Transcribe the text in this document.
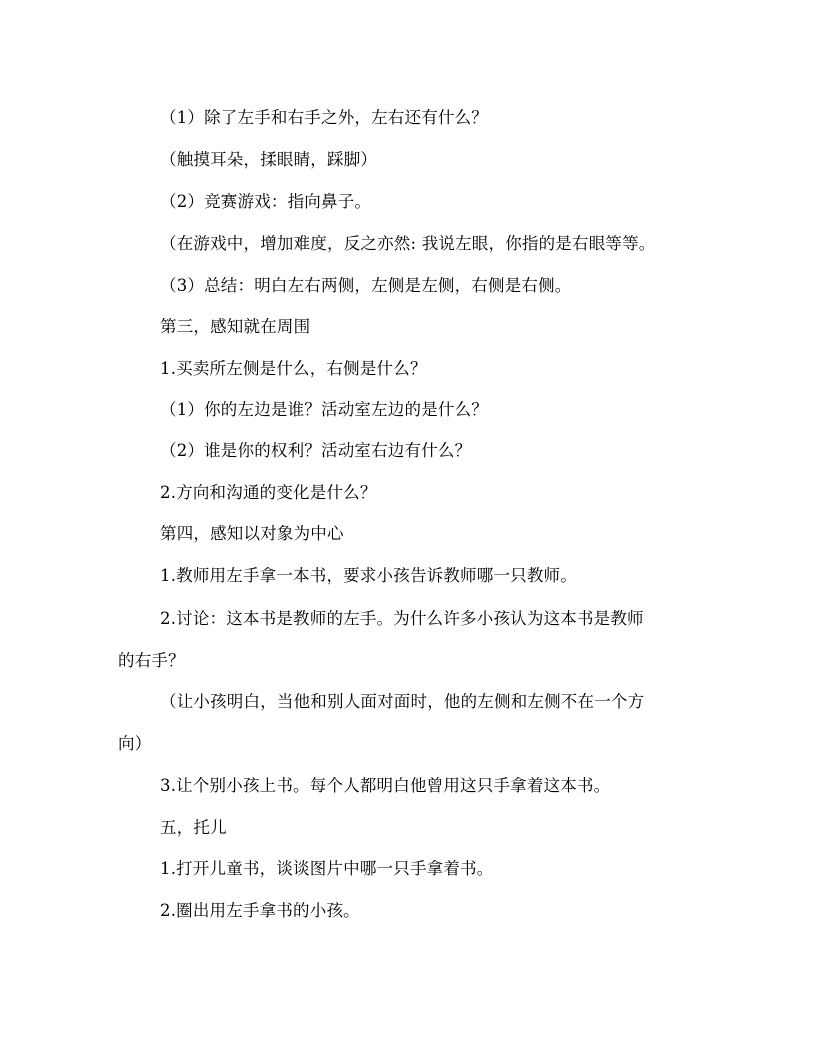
（1）除了左手和右手之外，左右还有什么？
（触摸耳朵，揉眼睛，踩脚）
（2）竞赛游戏：指向鼻子。
（在游戏中，增加难度，反之亦然: 我说左眼，你指的是右眼等等。
（3）总结：明白左右两侧，左侧是左侧，右侧是右侧。
第三，感知就在周围
1.买卖所左侧是什么，右侧是什么？
（1）你的左边是谁？活动室左边的是什么？
（2）谁是你的权利？活动室右边有什么？
2.方向和沟通的变化是什么？
第四，感知以对象为中心
1.教师用左手拿一本书，要求小孩告诉教师哪一只教师。
2.讨论：这本书是教师的左手。为什么许多小孩认为这本书是教师
的右手？
（让小孩明白，当他和别人面对面时，他的左侧和左侧不在一个方
向）
3.让个别小孩上书。每个人都明白他曾用这只手拿着这本书。
五，托儿
1.打开儿童书，谈谈图片中哪一只手拿着书。
2.圈出用左手拿书的小孩。
